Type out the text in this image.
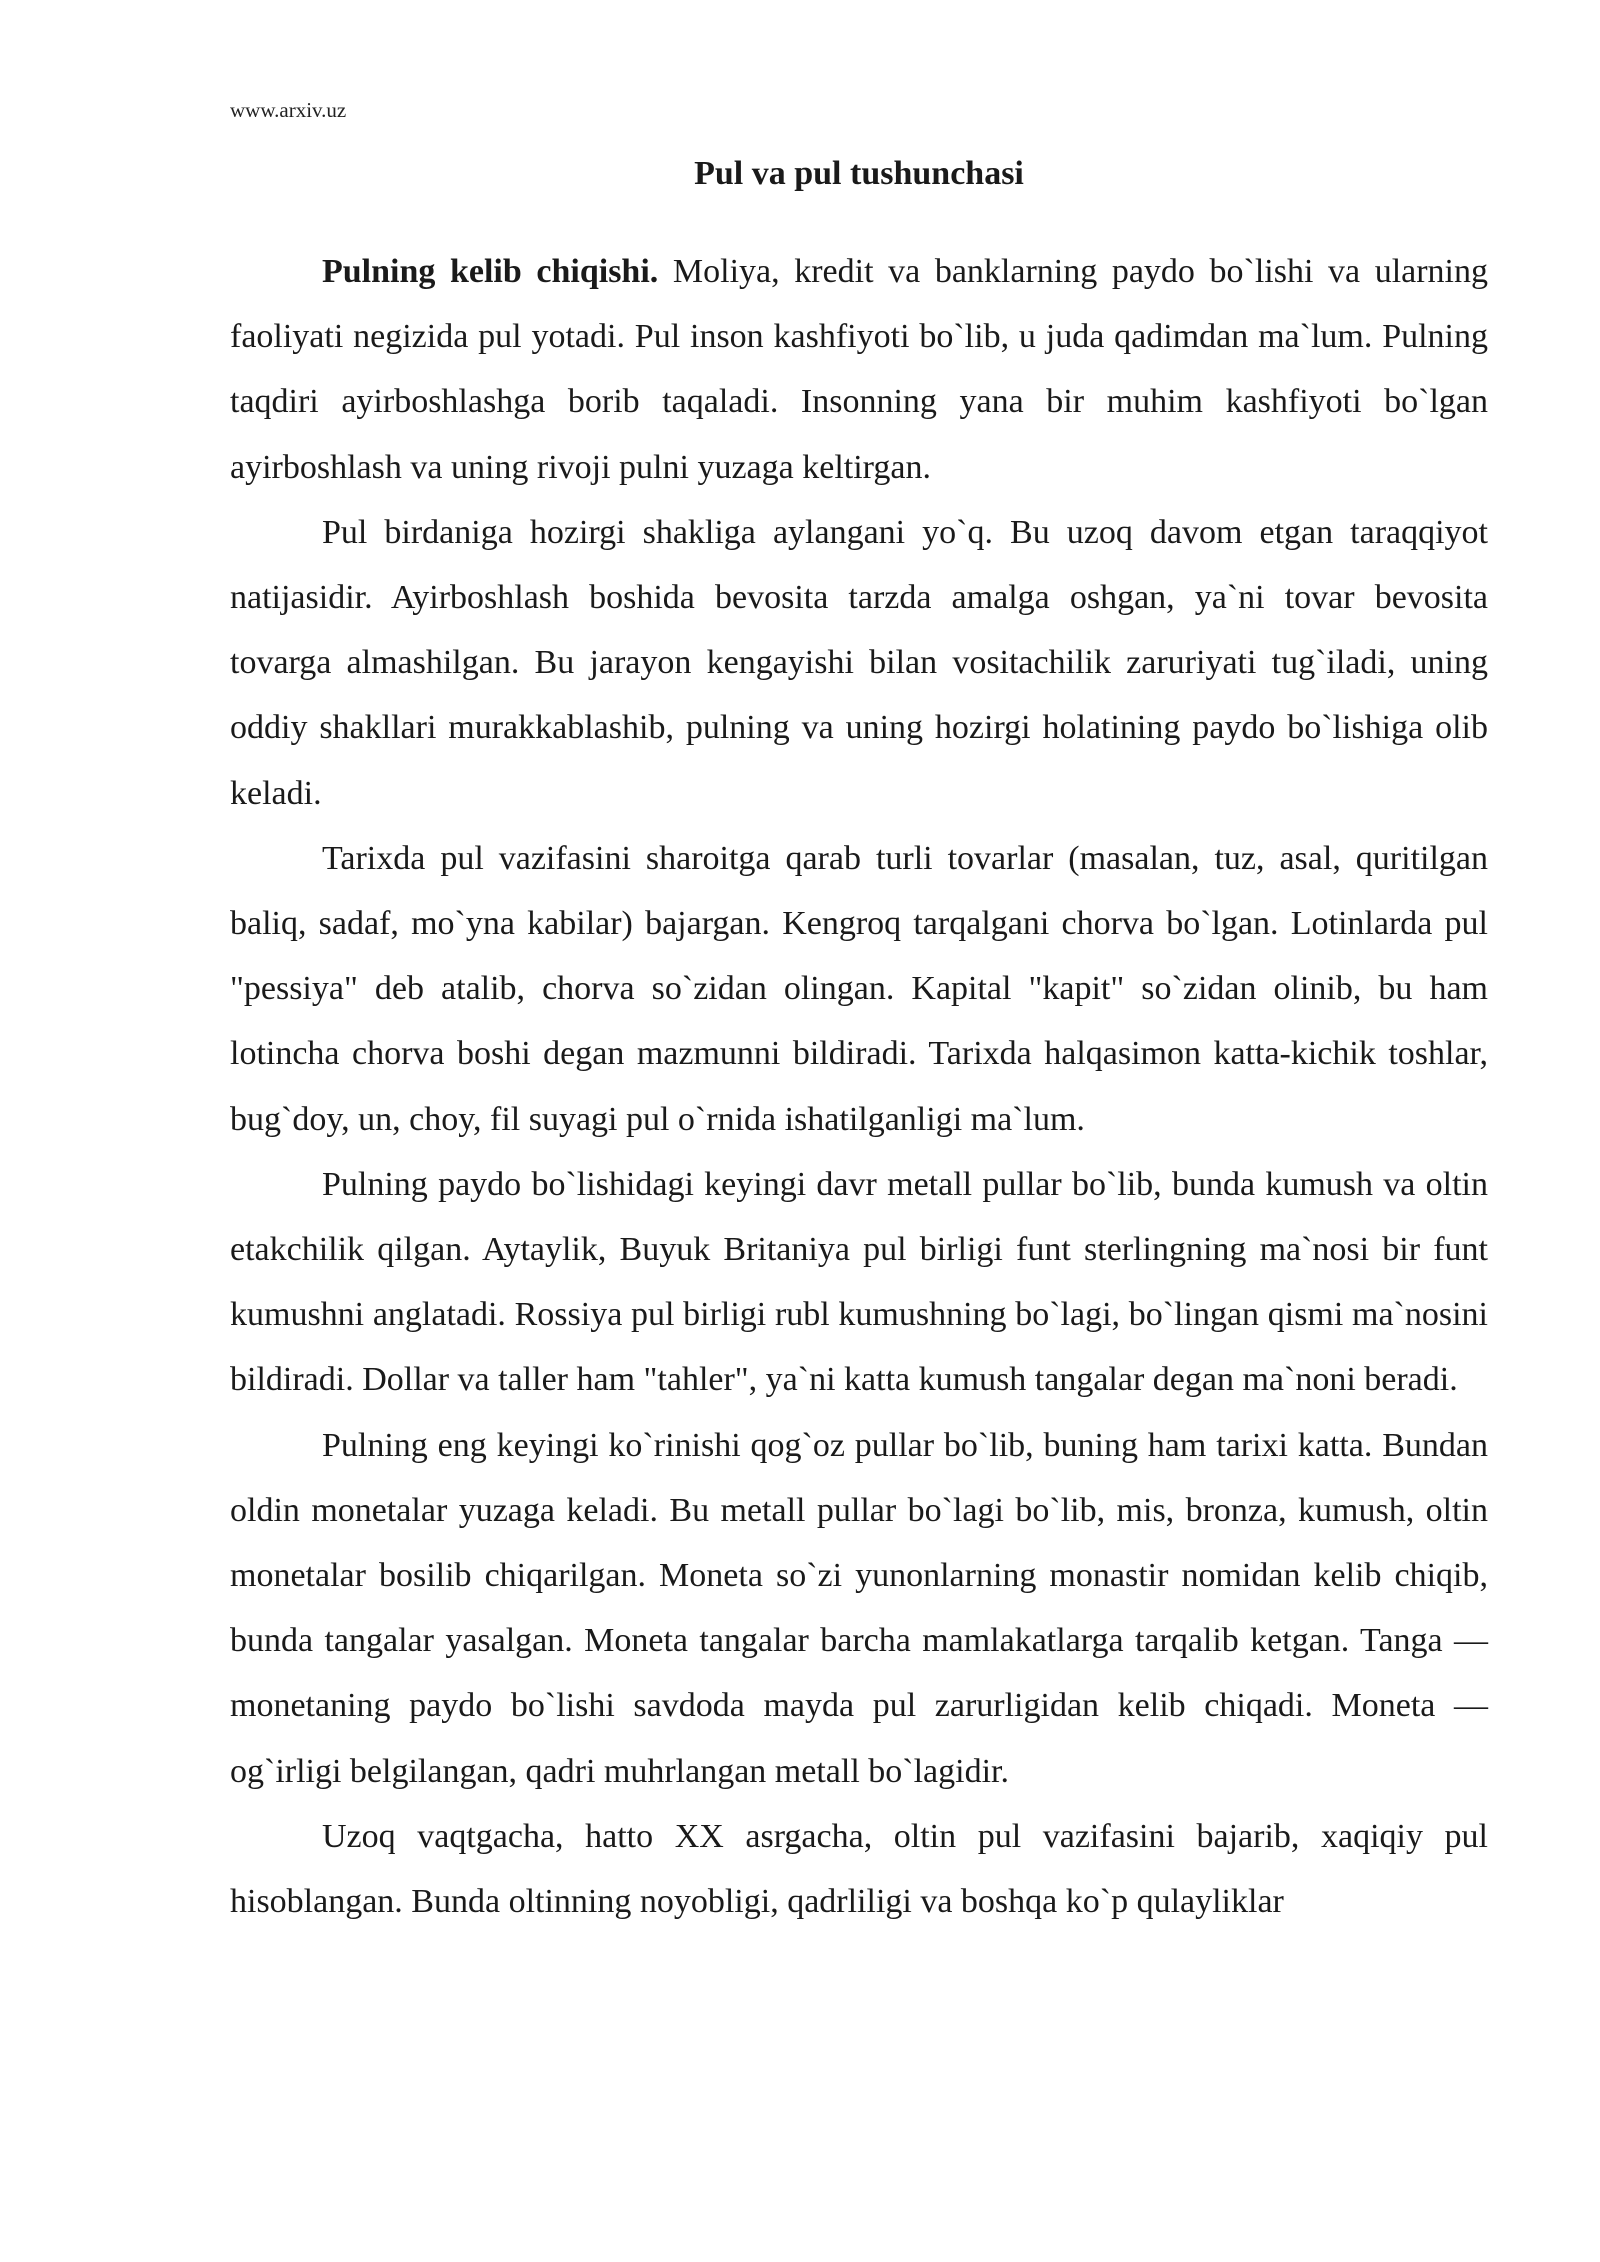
www.arxiv.uz
Pul va pul tushunchasi

Pulning kelib chiqishi. Moliya, kredit va banklarning paydo bo`lishi va ularning faoliyati negizida pul yotadi. Pul inson kashfiyoti bo`lib, u juda qadimdan ma`lum. Pulning taqdiri ayirboshlashga borib taqaladi. Insonning yana bir muhim kashfiyoti bo`lgan ayirboshlash va uning rivoji pulni yuzaga keltirgan.

Pul birdaniga hozirgi shakliga aylangani yo`q. Bu uzoq davom etgan taraqqiyot natijasidir. Ayirboshlash boshida bevosita tarzda amalga oshgan, ya`ni tovar bevosita tovarga almashilgan. Bu jarayon kengayishi bilan vositachilik zaruriyati tug`iladi, uning oddiy shakllari murakkablashib, pulning va uning hozirgi holatining paydo bo`lishiga olib keladi.

Tarixda pul vazifasini sharoitga qarab turli tovarlar (masalan, tuz, asal, quritilgan baliq, sadaf, mo`yna kabilar) bajargan. Kengroq tarqalgani chorva bo`lgan. Lotinlarda pul "pessiya" deb atalib, chorva so`zidan olingan. Kapital "kapit" so`zidan olinib, bu ham lotincha chorva boshi degan mazmunni bildiradi. Tarixda halqasimon katta-kichik toshlar, bug`doy, un, choy, fil suyagi pul o`rnida ishatilganligi ma`lum.

Pulning paydo bo`lishidagi keyingi davr metall pullar bo`lib, bunda kumush va oltin etakchilik qilgan. Aytaylik, Buyuk Britaniya pul birligi funt sterlingning ma`nosi bir funt kumushni anglatadi. Rossiya pul birligi rubl kumushning bo`lagi, bo`lingan qismi ma`nosini bildiradi. Dollar va taller ham "tahler", ya`ni katta kumush tangalar degan ma`noni beradi.

Pulning eng keyingi ko`rinishi qog`oz pullar bo`lib, buning ham tarixi katta. Bundan oldin monetalar yuzaga keladi. Bu metall pullar bo`lagi bo`lib, mis, bronza, kumush, oltin monetalar bosilib chiqarilgan. Moneta so`zi yunonlarning monastir nomidan kelib chiqib, bunda tangalar yasalgan. Moneta tangalar barcha mamlakatlarga tarqalib ketgan. Tanga — monetaning paydo bo`lishi savdoda mayda pul zarurligidan kelib chiqadi. Moneta — og`irligi belgilangan, qadri muhrlangan metall bo`lagidir.

Uzoq vaqtgacha, hatto XX asrgacha, oltin pul vazifasini bajarib, xaqiqiy pul hisoblangan. Bunda oltinning noyobligi, qadrliligi va boshqa ko`p qulayliklar
